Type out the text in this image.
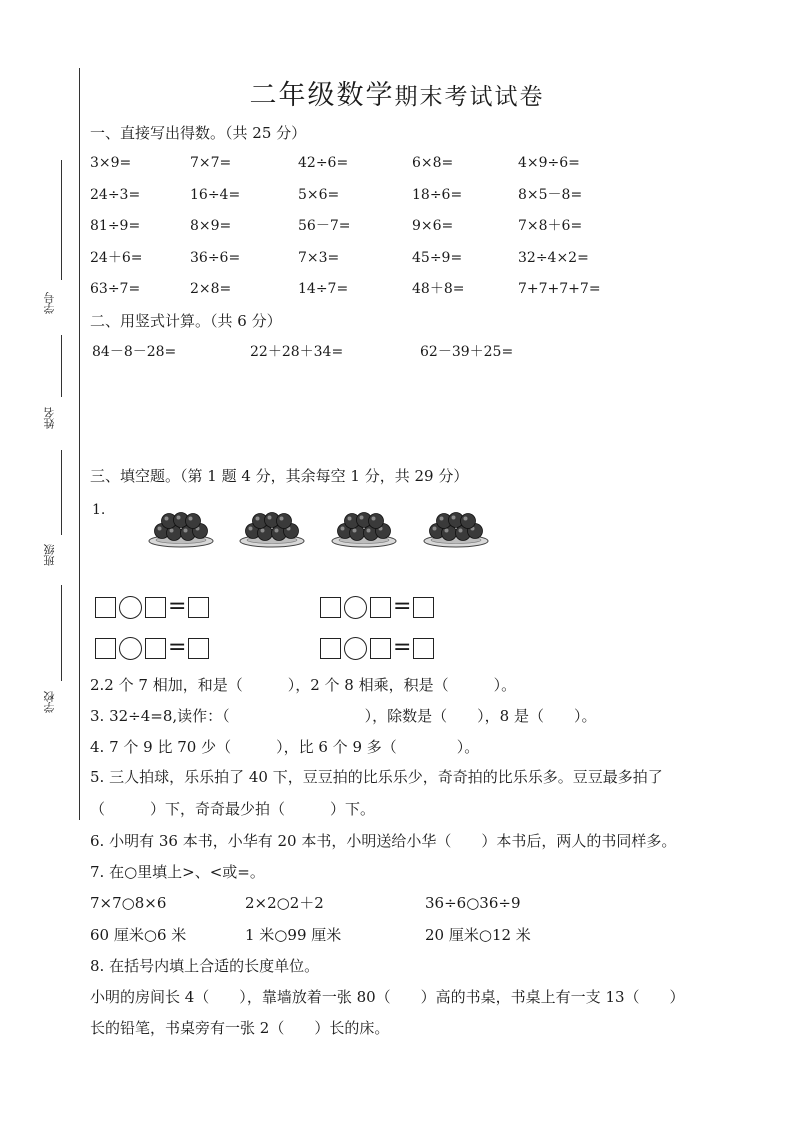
学号
姓名
班级
学校
二年级数学期末考试试卷
一、直接写出得数。（共 25 分）
3×9=	7×7=	42÷6=	6×8=	4×9÷6=
24÷3=	16÷4=	5×6=	18÷6=	8×5－8=
81÷9=	8×9=	56－7=	9×6=	7×8＋6=
24＋6=	36÷6=	7×3=	45÷9=	32÷4×2=
63÷7=	2×8=	14÷7=	48＋8=	7+7+7+7=
二、用竖式计算。（共 6 分）
84－8－28=	22＋28＋34=	62－39＋25=
三、填空题。（第 1 题 4 分，其余每空 1 分，共 29 分）
1.
=	=
=	=
2.2 个 7 相加，和是（　　　），2 个 8 相乘，积是（　　　）。
3. 32÷4=8,读作：（　　　　　　　　　），除数是（　　），8 是（　　）。
4. 7 个 9 比 70 少（　　　），比 6 个 9 多（　　　　）。
5. 三人拍球，乐乐拍了 40 下，豆豆拍的比乐乐少，奇奇拍的比乐乐多。豆豆最多拍了
（　　　）下，奇奇最少拍（　　　）下。
6. 小明有 36 本书，小华有 20 本书，小明送给小华（　　）本书后，两人的书同样多。
7. 在○里填上>、<或=。
7×7○8×6	2×2○2＋2	36÷6○36÷9
60 厘米○6 米	1 米○99 厘米	20 厘米○12 米
8. 在括号内填上合适的长度单位。
小明的房间长 4（　　），靠墙放着一张 80（　　）高的书桌，书桌上有一支 13（　　）
长的铅笔，书桌旁有一张 2（　　）长的床。
